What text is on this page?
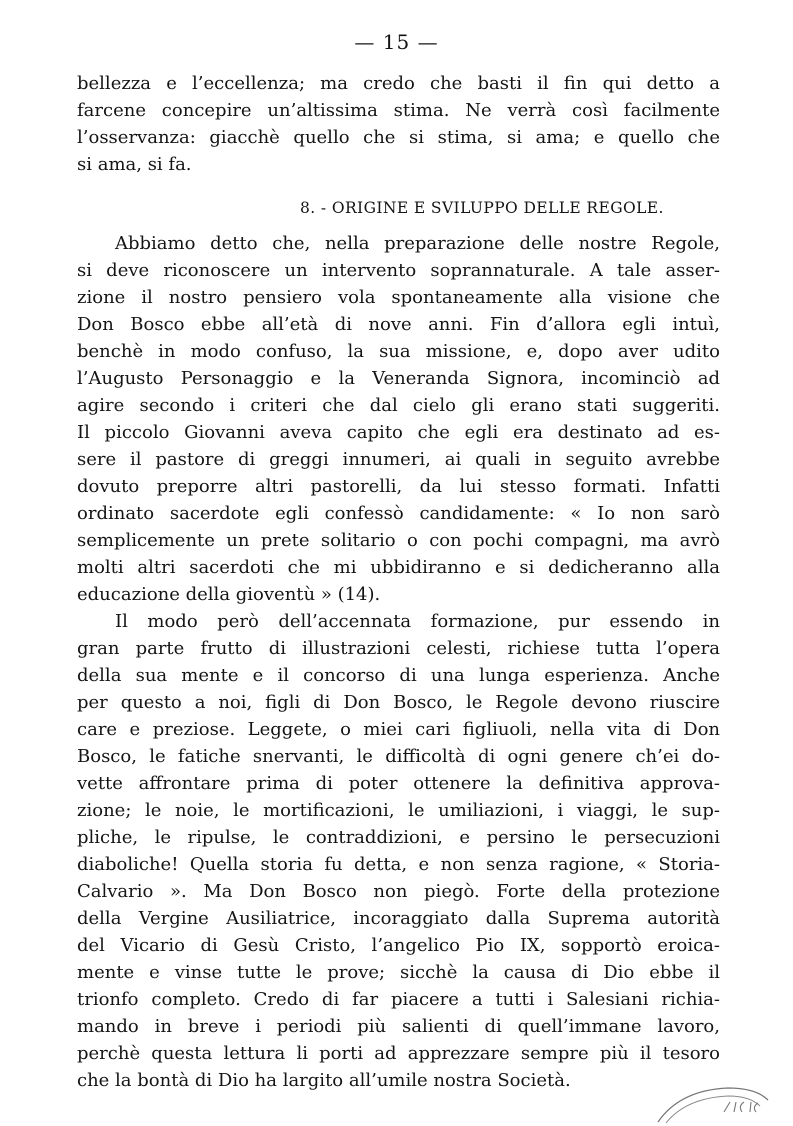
— 15 —

bellezza e l’eccellenza; ma credo che basti il fin qui detto a

farcene concepire un’altissima stima. Ne verrà così facilmente

l’osservanza: giacchè quello che si stima, si ama; e quello che

si ama, si fa.

8. - ORIGINE E SVILUPPO DELLE REGOLE.

Abbiamo detto che, nella preparazione delle nostre Regole,

si deve riconoscere un intervento soprannaturale. A tale asser-

zione il nostro pensiero vola spontaneamente alla visione che

Don Bosco ebbe all’età di nove anni. Fin d’allora egli intuì,

benchè in modo confuso, la sua missione, e, dopo aver udito

l’Augusto Personaggio e la Veneranda Signora, incominciò ad

agire secondo i criteri che dal cielo gli erano stati suggeriti.

Il piccolo Giovanni aveva capito che egli era destinato ad es-

sere il pastore di greggi innumeri, ai quali in seguito avrebbe

dovuto preporre altri pastorelli, da lui stesso formati. Infatti

ordinato sacerdote egli confessò candidamente: « Io non sarò

semplicemente un prete solitario o con pochi compagni, ma avrò

molti altri sacerdoti che mi ubbidiranno e si dedicheranno alla

educazione della gioventù » (14).

Il modo però dell’accennata formazione, pur essendo in

gran parte frutto di illustrazioni celesti, richiese tutta l’opera

della sua mente e il concorso di una lunga esperienza. Anche

per questo a noi, figli di Don Bosco, le Regole devono riuscire

care e preziose. Leggete, o miei cari figliuoli, nella vita di Don

Bosco, le fatiche snervanti, le difficoltà di ogni genere ch’ei do-

vette affrontare prima di poter ottenere la definitiva approva-

zione; le noie, le mortificazioni, le umiliazioni, i viaggi, le sup-

pliche, le ripulse, le contraddizioni, e persino le persecuzioni

diaboliche! Quella storia fu detta, e non senza ragione, « Storia-

Calvario ». Ma Don Bosco non piegò. Forte della protezione

della Vergine Ausiliatrice, incoraggiato dalla Suprema autorità

del Vicario di Gesù Cristo, l’angelico Pio IX, sopportò eroica-

mente e vinse tutte le prove; sicchè la causa di Dio ebbe il

trionfo completo. Credo di far piacere a tutti i Salesiani richia-

mando in breve i periodi più salienti di quell’immane lavoro,

perchè questa lettura li porti ad apprezzare sempre più il tesoro

che la bontà di Dio ha largito all’umile nostra Società.
